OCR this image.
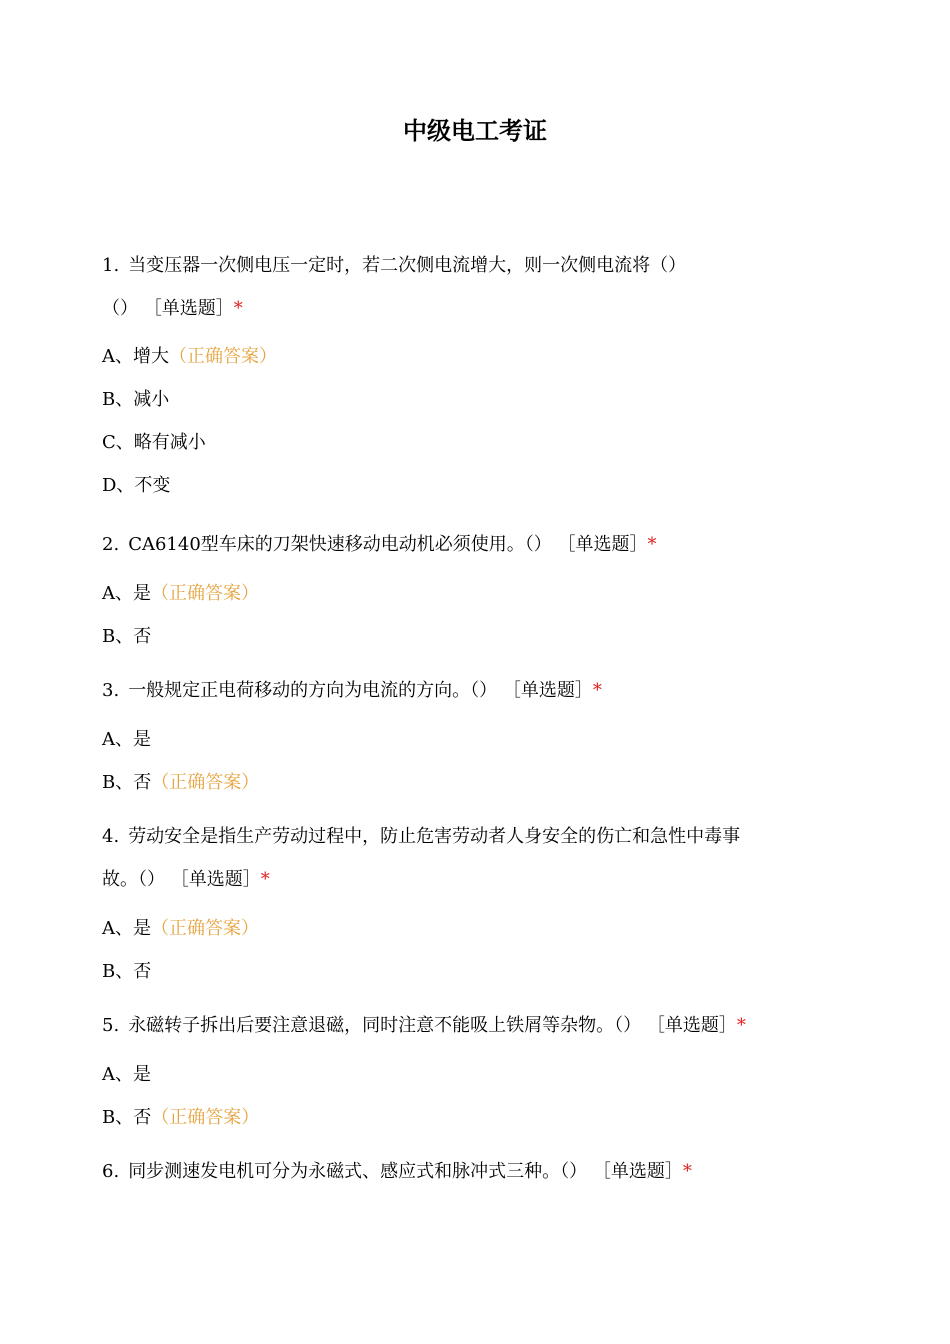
中级电工考证
1. 当变压器一次侧电压一定时，若二次侧电流增大，则一次侧电流将（）
（） ［单选题］*
A、增大（正确答案）
B、减小
C、略有减小
D、不变
2. CA6140型车床的刀架快速移动电动机必须使用。（） ［单选题］*
A、是（正确答案）
B、否
3. 一般规定正电荷移动的方向为电流的方向。（） ［单选题］*
A、是
B、否（正确答案）
4. 劳动安全是指生产劳动过程中，防止危害劳动者人身安全的伤亡和急性中毒事
故。（） ［单选题］*
A、是（正确答案）
B、否
5. 永磁转子拆出后要注意退磁，同时注意不能吸上铁屑等杂物。（） ［单选题］*
A、是
B、否（正确答案）
6. 同步测速发电机可分为永磁式、感应式和脉冲式三种。（） ［单选题］*
